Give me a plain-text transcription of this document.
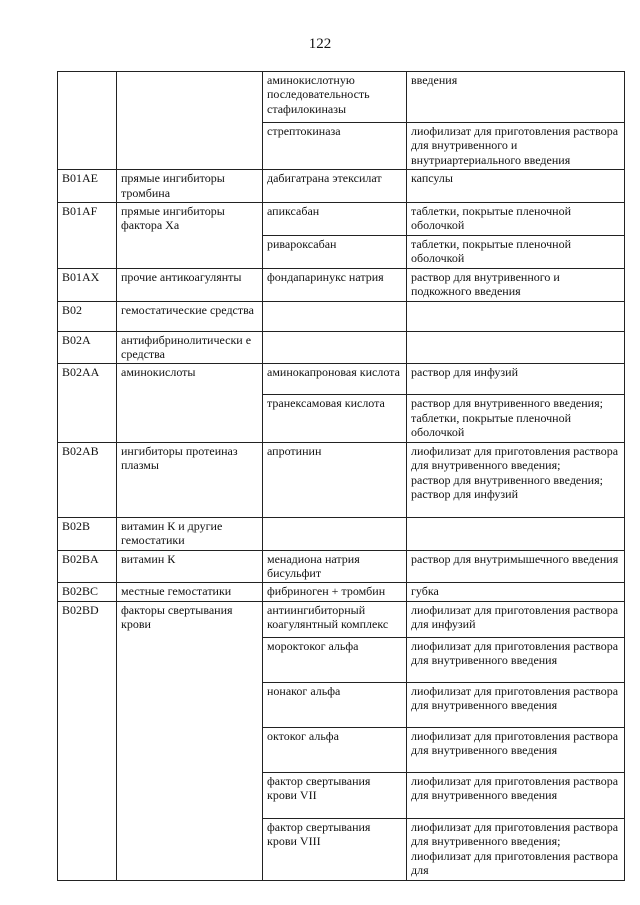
122
		аминокислотную последовательность стафилокиназы	введения
		стрептокиназа	лиофилизат для приготовления раствора для внутривенного и внутриартериального введения
B01AE	прямые ингибиторы тромбина	дабигатрана этексилат	капсулы
B01AF	прямые ингибиторы фактора Ха	апиксабан	таблетки, покрытые пленочной оболочкой
		ривароксабан	таблетки, покрытые пленочной оболочкой
B01AX	прочие антикоагулянты	фондапаринукс натрия	раствор для внутривенного и подкожного введения
B02	гемостатические средства		
B02A	антифибринолитически е средства		
B02AA	аминокислоты	аминокапроновая кислота	раствор для инфузий
		транексамовая кислота	раствор для внутривенного введения; таблетки, покрытые пленочной оболочкой
B02AB	ингибиторы протеиназ плазмы	апротинин	лиофилизат для приготовления раствора для внутривенного введения;
раствор для внутривенного введения; раствор для инфузий
B02B	витамин К и другие гемостатики		
B02BA	витамин К	менадиона натрия бисульфит	раствор для внутримышечного введения
B02BC	местные гемостатики	фибриноген + тромбин	губка
B02BD	факторы свертывания крови	антиингибиторный коагулянтный комплекс	лиофилизат для приготовления раствора для инфузий
		мороктоког альфа	лиофилизат для приготовления раствора для внутривенного введения
		нонаког альфа	лиофилизат для приготовления раствора для внутривенного введения
		октоког альфа	лиофилизат для приготовления раствора для внутривенного введения
		фактор свертывания крови VII	лиофилизат для приготовления раствора для внутривенного введения
		фактор свертывания крови VIII	лиофилизат для приготовления раствора для внутривенного введения; лиофилизат для приготовления раствора для
